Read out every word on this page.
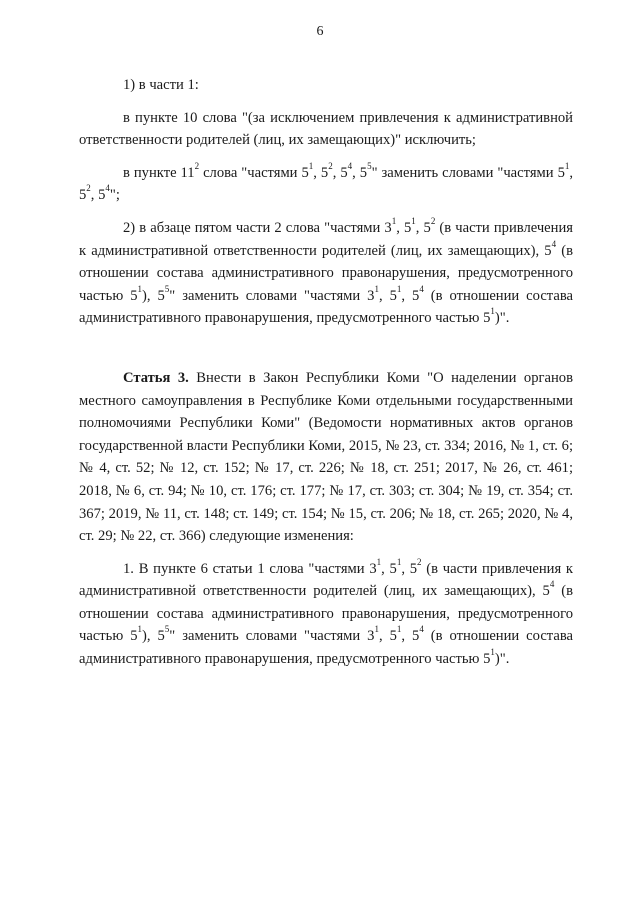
6

1) в части 1:

в пункте 10 слова "(за исключением привлечения к административной ответственности родителей (лиц, их замещающих)" исключить;

в пункте $11^2$ слова "частями $5^1$, $5^2$, $5^4$, $5^5$" заменить словами "частями $5^1$, $5^2$, $5^4$";

2) в абзаце пятом части 2 слова "частями $3^1$, $5^1$, $5^2$ (в части привлечения к административной ответственности родителей (лиц, их замещающих), $5^4$ (в отношении состава административного правонарушения, предусмотренного частью $5^1$), $5^5$" заменить словами "частями $3^1$, $5^1$, $5^4$ (в отношении состава административного правонарушения, предусмотренного частью $5^1$)".

Статья 3. Внести в Закон Республики Коми "О наделении органов местного самоуправления в Республике Коми отдельными государственными полномочиями Республики Коми" (Ведомости нормативных актов органов государственной власти Республики Коми, 2015, № 23, ст. 334; 2016, № 1, ст. 6; № 4, ст. 52; № 12, ст. 152; № 17, ст. 226; № 18, ст. 251; 2017, № 26, ст. 461; 2018, № 6, ст. 94; № 10, ст. 176; ст. 177; № 17, ст. 303; ст. 304; № 19, ст. 354; ст. 367; 2019, № 11, ст. 148; ст. 149; ст. 154; № 15, ст. 206; № 18, ст. 265; 2020, № 4, ст. 29; № 22, ст. 366) следующие изменения:

1. В пункте 6 статьи 1 слова "частями $3^1$, $5^1$, $5^2$ (в части привлечения к административной ответственности родителей (лиц, их замещающих), $5^4$ (в отношении состава административного правонарушения, предусмотренного частью $5^1$), $5^5$" заменить словами "частями $3^1$, $5^1$, $5^4$ (в отношении состава административного правонарушения, предусмотренного частью $5^1$)".
